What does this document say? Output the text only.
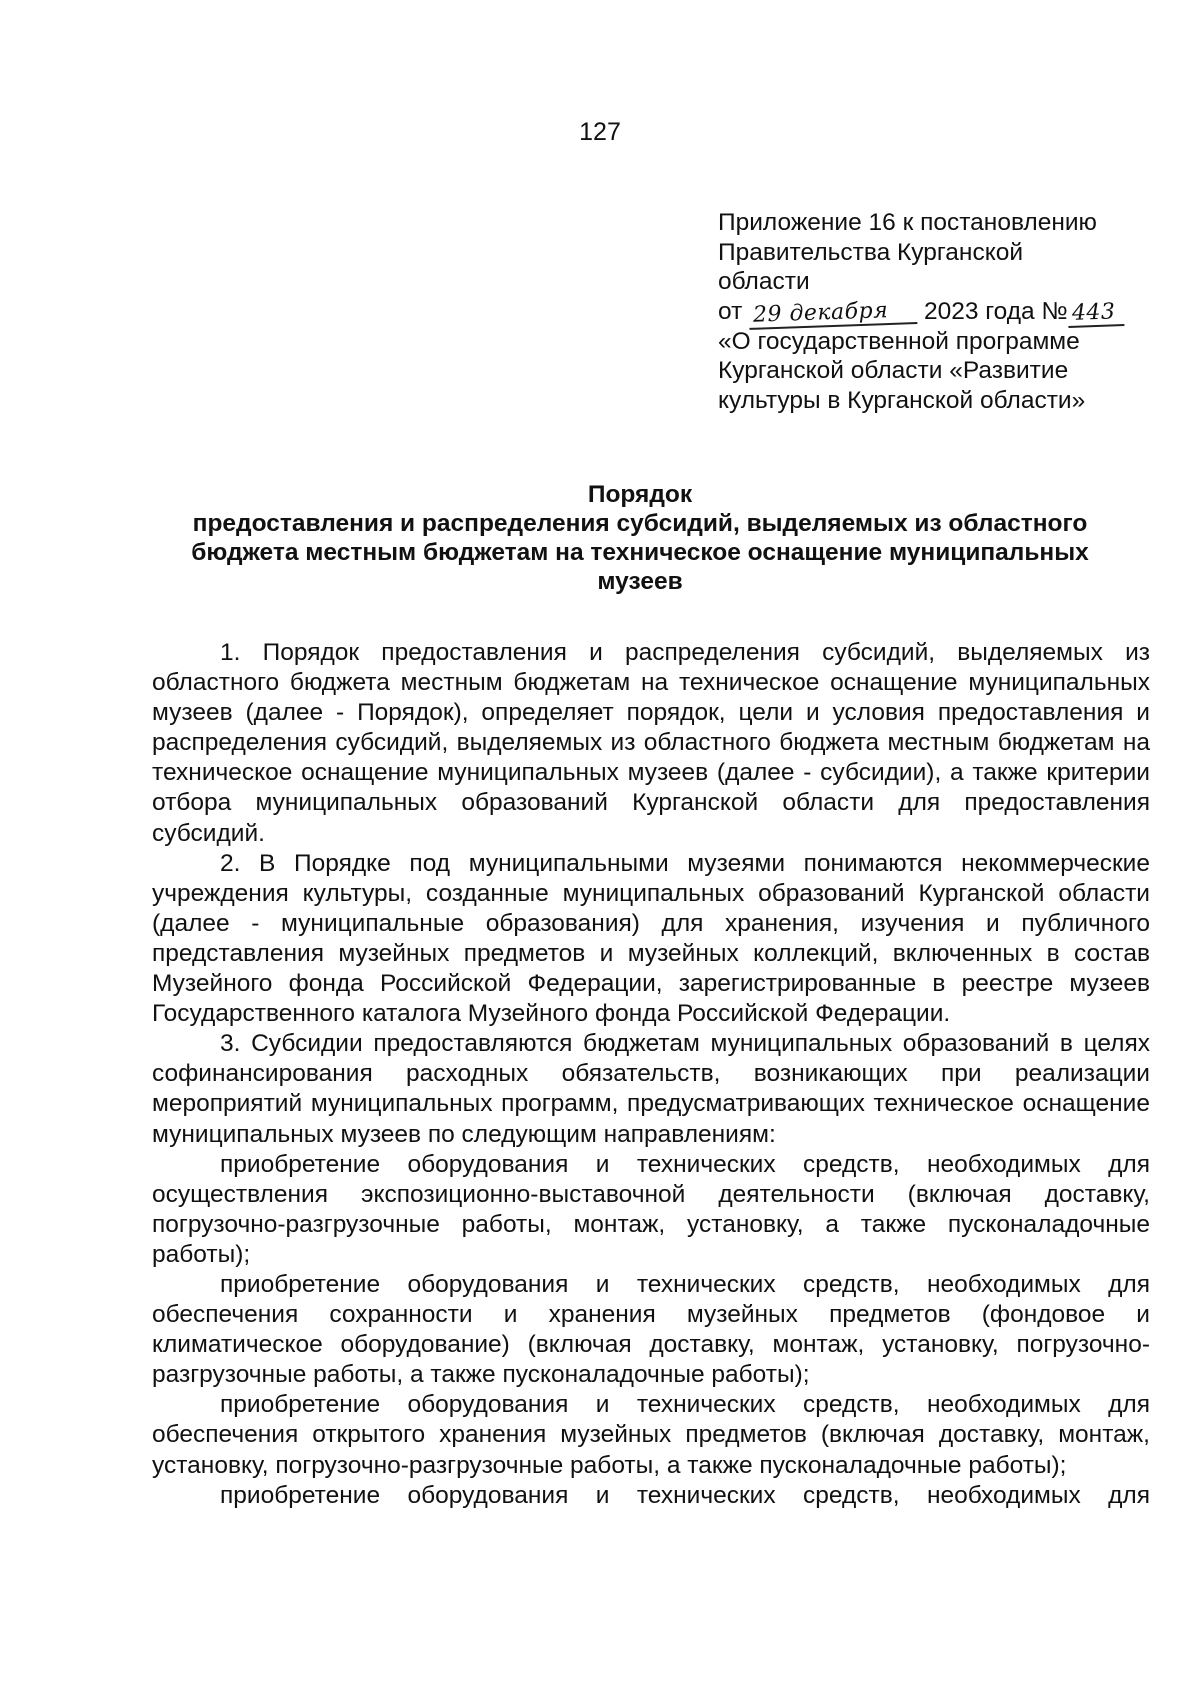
127
Приложение 16 к постановлению
Правительства Курганской
области
от 29 декабря 2023 года № 443
«О государственной программе
Курганской области «Развитие
культуры в Курганской области»
Порядок
предоставления и распределения субсидий, выделяемых из областного
бюджета местным бюджетам на техническое оснащение муниципальных
музеев

1. Порядок предоставления и распределения субсидий, выделяемых из областного бюджета местным бюджетам на техническое оснащение муниципальных музеев (далее - Порядок), определяет порядок, цели и условия предоставления и распределения субсидий, выделяемых из областного бюджета местным бюджетам на техническое оснащение муниципальных музеев (далее - субсидии), а также критерии отбора муниципальных образований Курганской области для предоставления субсидий.

2. В Порядке под муниципальными музеями понимаются некоммерческие учреждения культуры, созданные муниципальных образований Курганской области (далее - муниципальные образования) для хранения, изучения и публичного представления музейных предметов и музейных коллекций, включенных в состав Музейного фонда Российской Федерации, зарегистрированные в реестре музеев Государственного каталога Музейного фонда Российской Федерации.

3. Субсидии предоставляются бюджетам муниципальных образований в целях софинансирования расходных обязательств, возникающих при реализации мероприятий муниципальных программ, предусматривающих техническое оснащение муниципальных музеев по следующим направлениям:

приобретение оборудования и технических средств, необходимых для осуществления экспозиционно-выставочной деятельности (включая доставку, погрузочно-разгрузочные работы, монтаж, установку, а также пусконаладочные работы);

приобретение оборудования и технических средств, необходимых для обеспечения сохранности и хранения музейных предметов (фондовое и климатическое оборудование) (включая доставку, монтаж, установку, погрузочно-разгрузочные работы, а также пусконаладочные работы);

приобретение оборудования и технических средств, необходимых для обеспечения открытого хранения музейных предметов (включая доставку, монтаж, установку, погрузочно-разгрузочные работы, а также пусконаладочные работы);

приобретение оборудования и технических средств, необходимых для
